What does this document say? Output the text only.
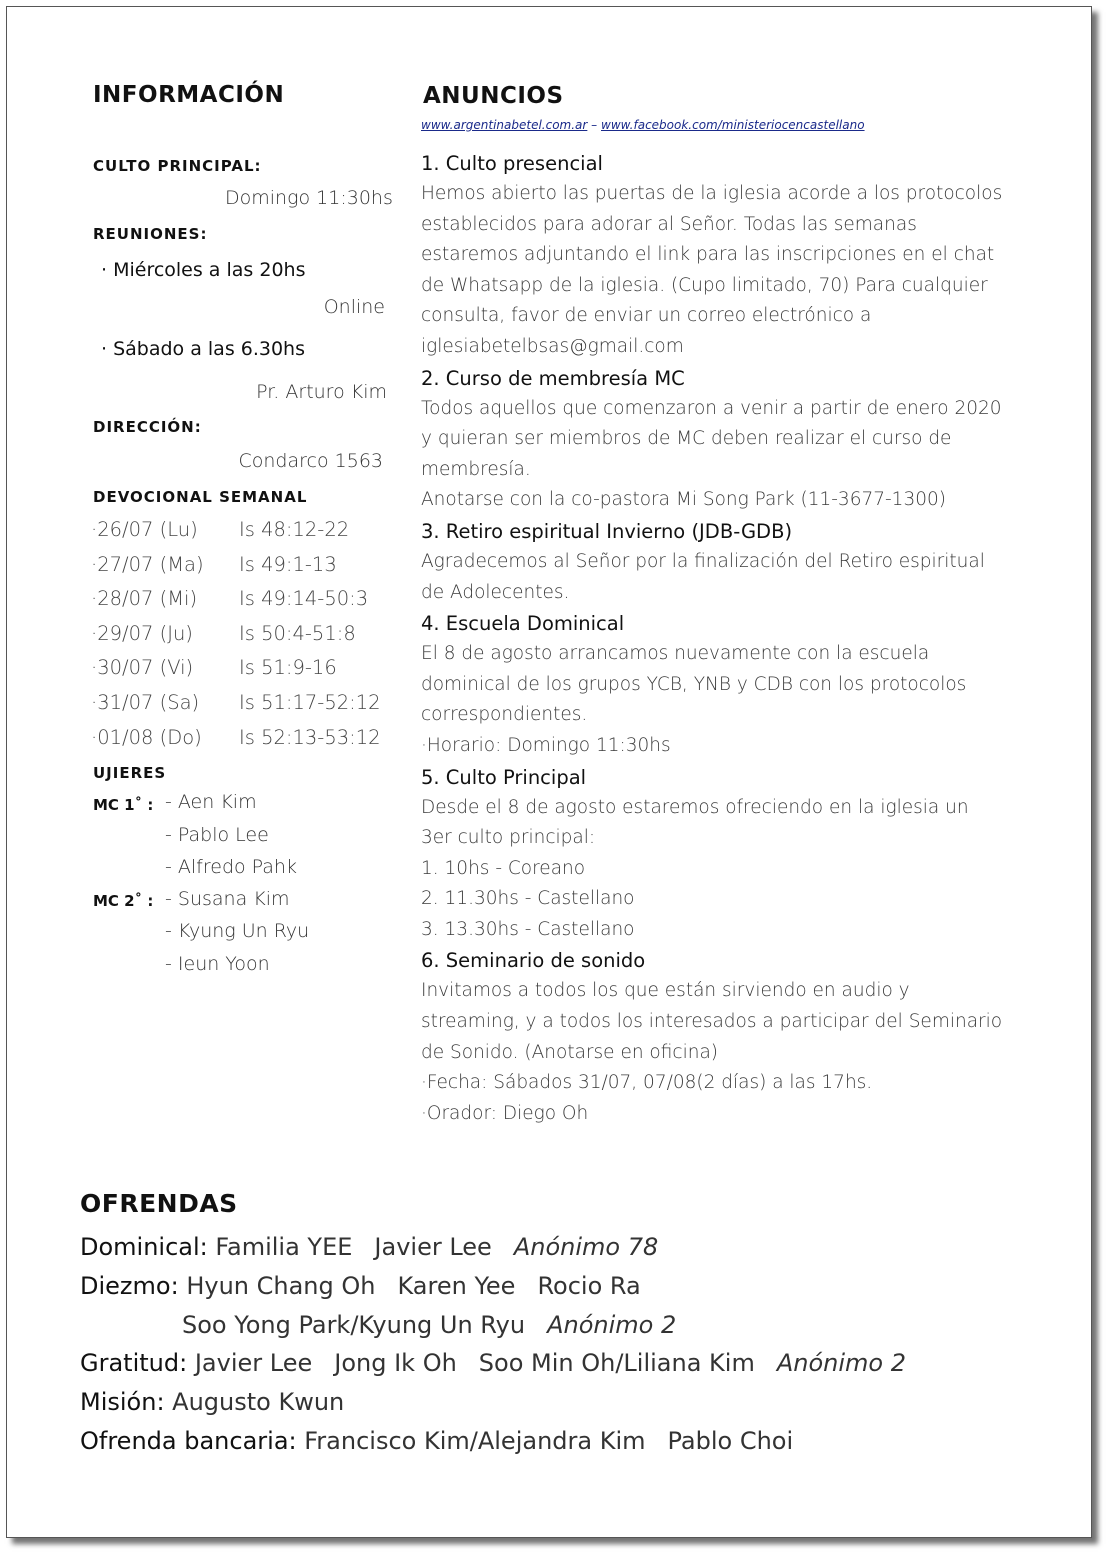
INFORMACIÓN
CULTO PRINCIPAL:
Domingo 11:30hs
REUNIONES:
· Miércoles a las 20hs
Online
· Sábado a las 6.30hs
Pr. Arturo Kim
DIRECCIÓN:
Condarco 1563
DEVOCIONAL SEMANAL
·26/07 (Lu) Is 48:12-22
·27/07 (Ma) Is 49:1-13
·28/07 (Mi) Is 49:14-50:3
·29/07 (Ju) Is 50:4-51:8
·30/07 (Vi) Is 51:9-16
·31/07 (Sa) Is 51:17-52:12
·01/08 (Do) Is 52:13-53:12
UJIERES
MC 1˚ : - Aen Kim
- Pablo Lee
- Alfredo Pahk
MC 2˚ : - Susana Kim
- Kyung Un Ryu
- Ieun Yoon
ANUNCIOS
www.argentinabetel.com.ar – www.facebook.com/ministeriocencastellano
1. Culto presencial
Hemos abierto las puertas de la iglesia acorde a los protocolos
establecidos para adorar al Señor. Todas las semanas
estaremos adjuntando el link para las inscripciones en el chat
de Whatsapp de la iglesia. (Cupo limitado, 70) Para cualquier
consulta, favor de enviar un correo electrónico a
iglesiabetelbsas@gmail.com
2. Curso de membresía MC
Todos aquellos que comenzaron a venir a partir de enero 2020
y quieran ser miembros de MC deben realizar el curso de
membresía.
Anotarse con la co-pastora Mi Song Park (11-3677-1300)
3. Retiro espiritual Invierno (JDB-GDB)
Agradecemos al Señor por la finalización del Retiro espiritual
de Adolecentes.
4. Escuela Dominical
El 8 de agosto arrancamos nuevamente con la escuela
dominical de los grupos YCB, YNB y CDB con los protocolos
correspondientes.
·Horario: Domingo 11:30hs
5. Culto Principal
Desde el 8 de agosto estaremos ofreciendo en la iglesia un
3er culto principal:
1. 10hs - Coreano
2. 11.30hs - Castellano
3. 13.30hs - Castellano
6. Seminario de sonido
Invitamos a todos los que están sirviendo en audio y
streaming, y a todos los interesados a participar del Seminario
de Sonido. (Anotarse en oficina)
·Fecha: Sábados 31/07, 07/08(2 días) a las 17hs.
·Orador: Diego Oh
OFRENDAS
Dominical: Familia YEE Javier Lee Anónimo 78
Diezmo: Hyun Chang Oh Karen Yee Rocio Ra
Soo Yong Park/Kyung Un Ryu Anónimo 2
Gratitud: Javier Lee Jong Ik Oh Soo Min Oh/Liliana Kim Anónimo 2
Misión: Augusto Kwun
Ofrenda bancaria: Francisco Kim/Alejandra Kim Pablo Choi
